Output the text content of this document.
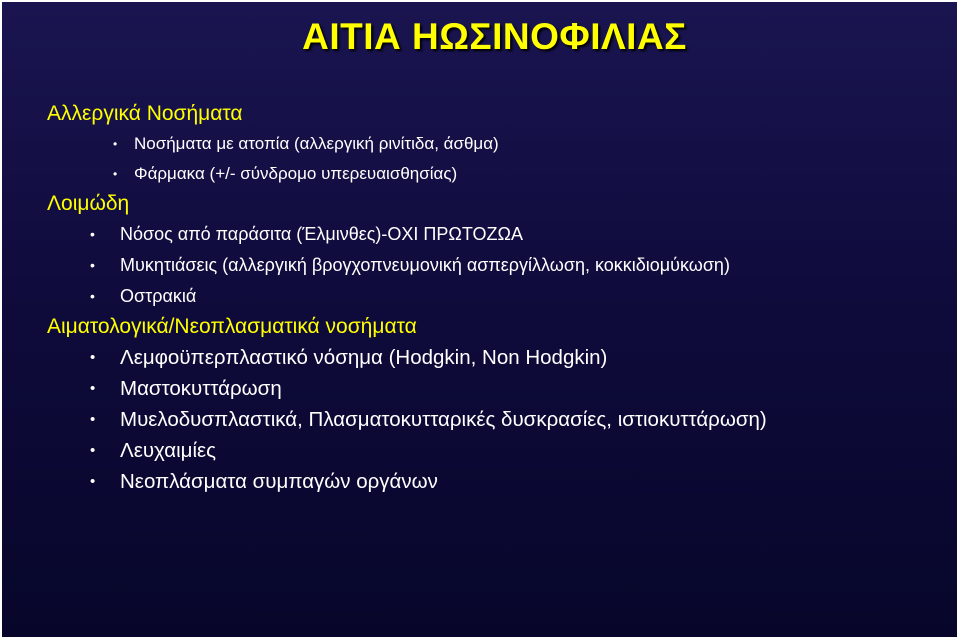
ΑΙΤΙΑ ΗΩΣΙΝΟΦΙΛΙΑΣ
Αλλεργικά Νοσήματα
• Νοσήματα με ατοπία (αλλεργική ρινίτιδα, άσθμα)
• Φάρμακα (+/- σύνδρομο υπερευαισθησίας)
Λοιμώδη
• Νόσος από παράσιτα (Έλμινθες)-ΟΧΙ ΠΡΩΤΟΖΩΑ
• Μυκητιάσεις (αλλεργική βρογχοπνευμονική ασπεργίλλωση, κοκκιδιομύκωση)
• Οστρακιά
Αιματολογικά/Νεοπλασματικά νοσήματα
• Λεμφοϋπερπλαστικό νόσημα (Hodgkin, Non Hodgkin)
• Μαστοκυττάρωση
• Μυελοδυσπλαστικά, Πλασματοκυτταρικές δυσκρασίες, ιστιοκυττάρωση)
• Λευχαιμίες
• Νεοπλάσματα συμπαγών οργάνων
